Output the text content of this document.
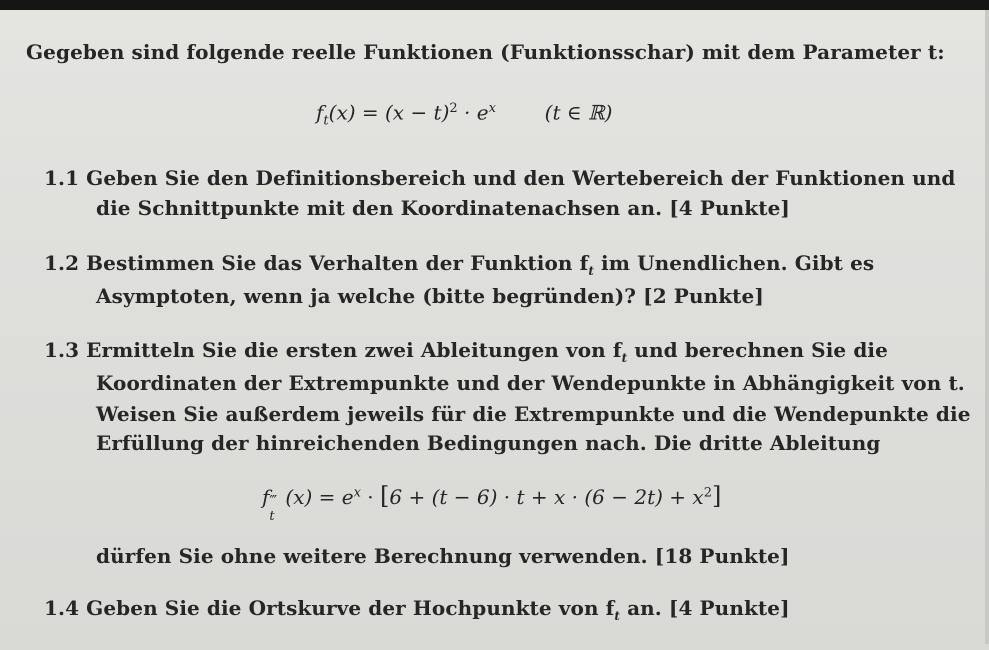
Gegeben sind folgende reelle Funktionen (Funktionsschar) mit dem Parameter t:
$f_t(x) = (x - t)^2 \cdot e^x$ (t ∈ ℝ)
1.1 Geben Sie den Definitionsbereich und den Wertebereich der Funktionen und
die Schnittpunkte mit den Koordinatenachsen an. [4 Punkte]
1.2 Bestimmen Sie das Verhalten der Funktion $f_t$ im Unendlichen. Gibt es
Asymptoten, wenn ja welche (bitte begründen)? [2 Punkte]
1.3 Ermitteln Sie die ersten zwei Ableitungen von $f_t$ und berechnen Sie die
Koordinaten der Extrempunkte und der Wendepunkte in Abhängigkeit von t.
Weisen Sie außerdem jeweils für die Extrempunkte und die Wendepunkte die
Erfüllung der hinreichenden Bedingungen nach. Die dritte Ableitung
f ‴
t
$(x) = e^x \cdot [6 + (t - 6) \cdot t + x \cdot (6 - 2t) + x^2]$
dürfen Sie ohne weitere Berechnung verwenden. [18 Punkte]
1.4 Geben Sie die Ortskurve der Hochpunkte von $f_t$ an. [4 Punkte]
